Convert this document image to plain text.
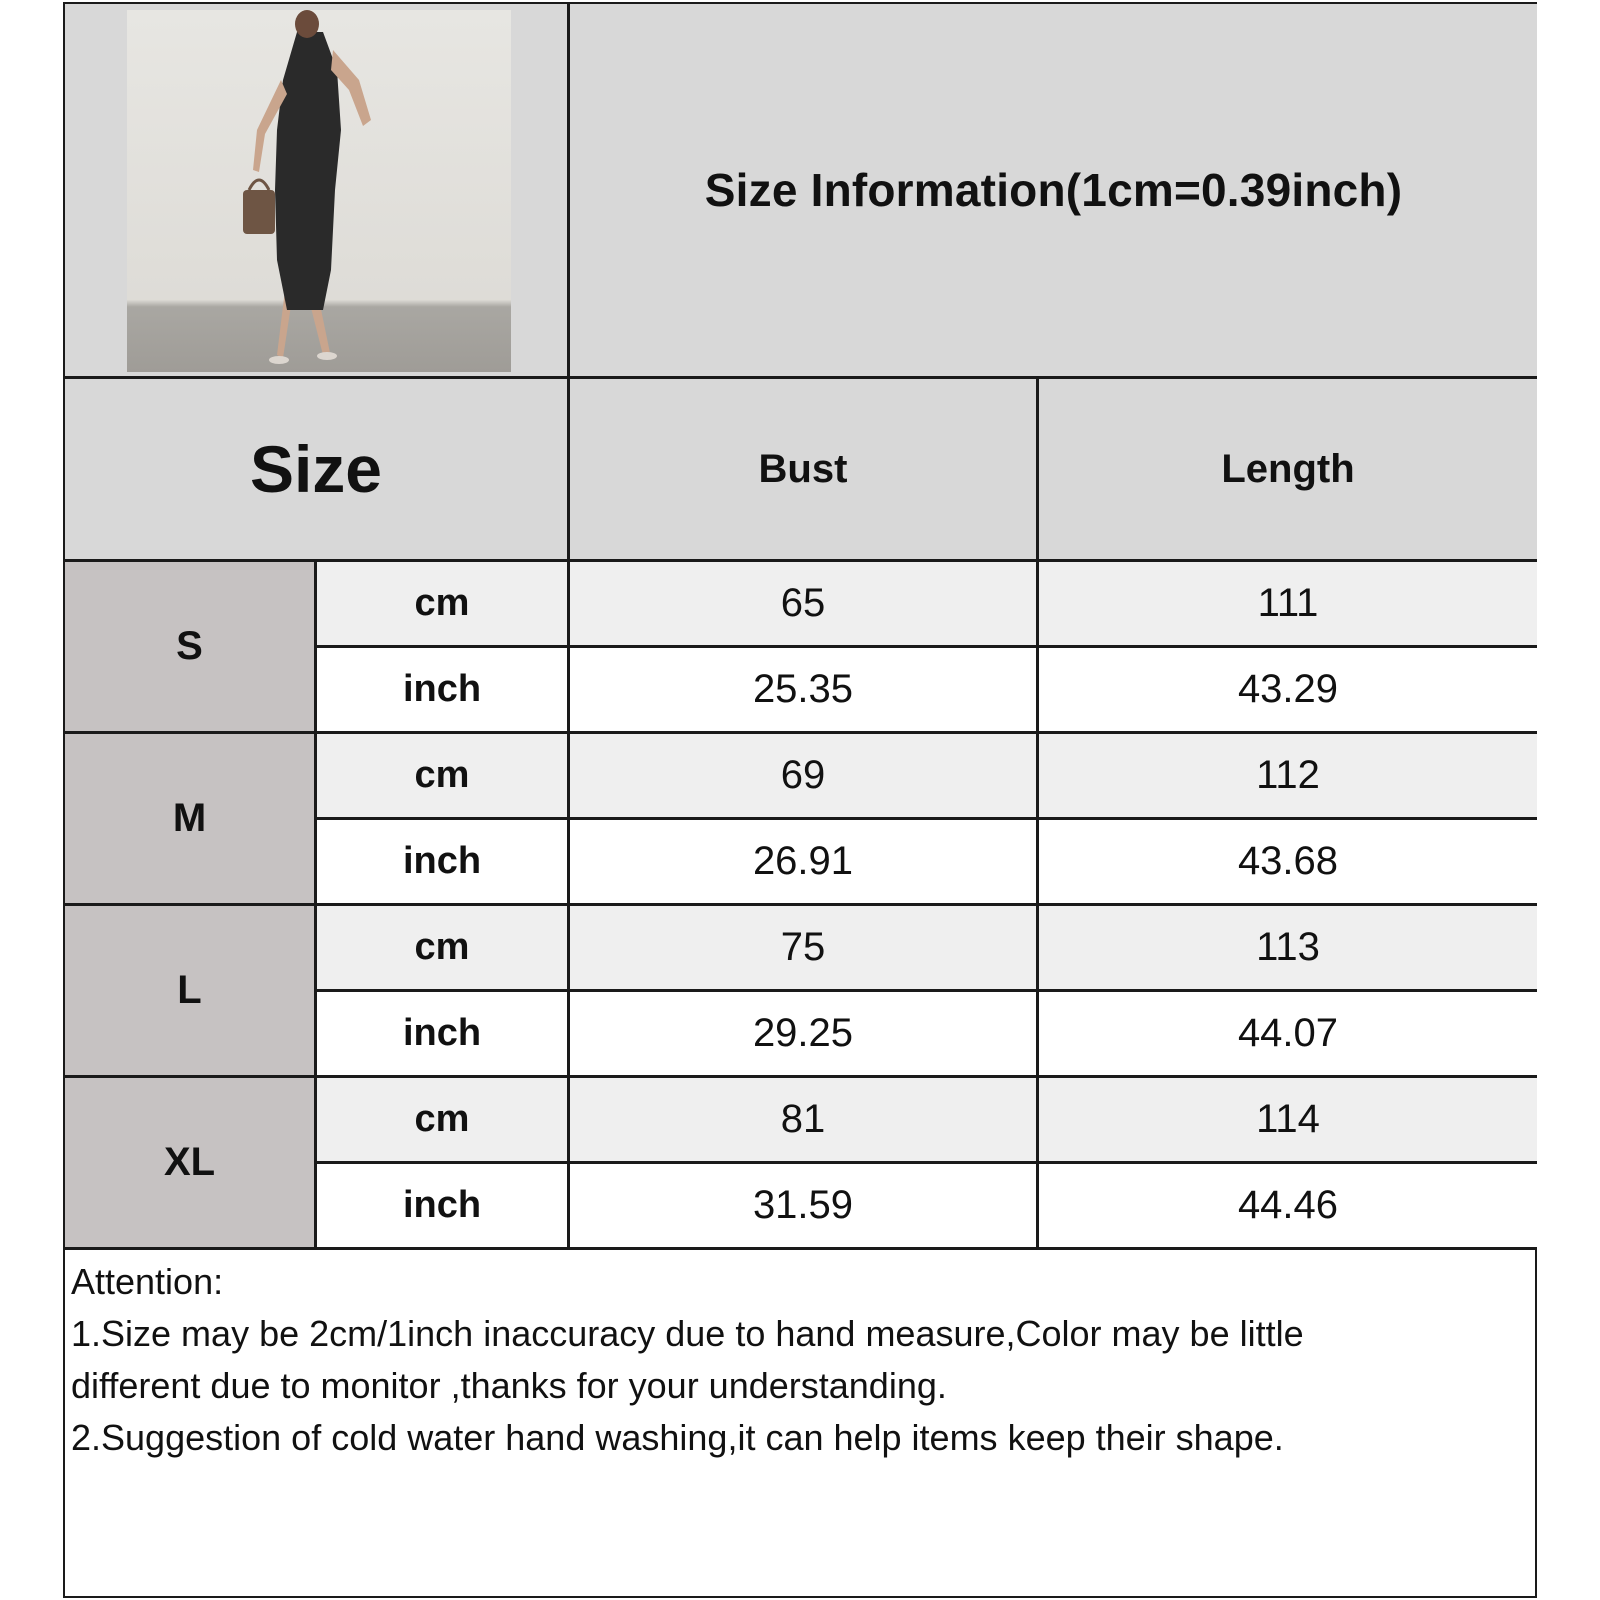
Size Information(1cm=0.39inch)
Size	Bust	Length
S
cm	65	111
inch	25.35	43.29
M
cm	69	112
inch	26.91	43.68
L
cm	75	113
inch	29.25	44.07
XL
cm	81	114
inch	31.59	44.46
Attention:
1.Size may be 2cm/1inch inaccuracy due to hand measure,Color may be little
different due to monitor ,thanks for your understanding.
2.Suggestion of cold water hand washing,it can help items keep their shape.
